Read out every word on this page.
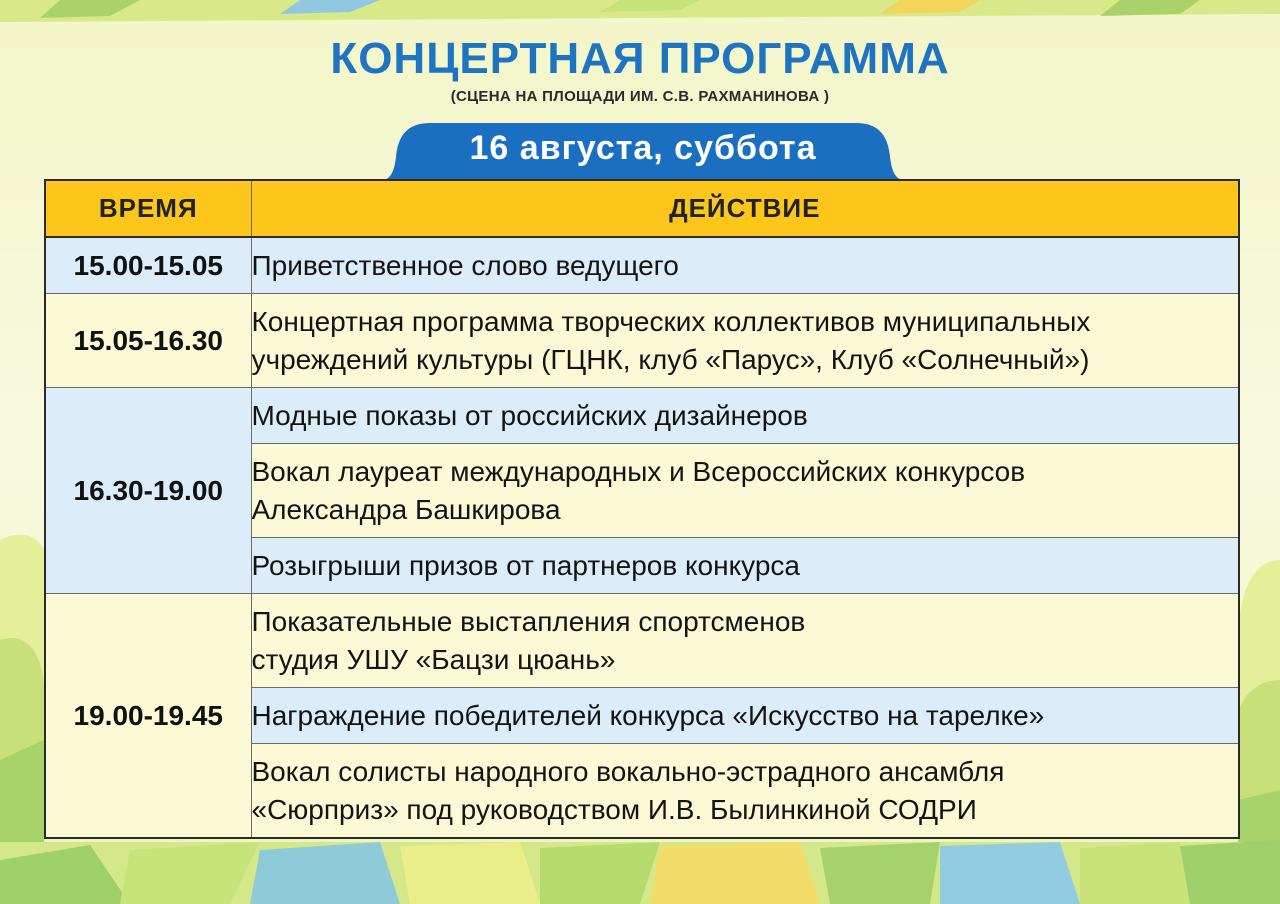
КОНЦЕРТНАЯ ПРОГРАММА

(СЦЕНА НА ПЛОЩАДИ ИМ. С.В. РАХМАНИНОВА )

16 августа, суббота
ВРЕМЯ	ДЕЙСТВИЕ
15.00-15.05	Приветственное слово ведущего
15.05-16.30	Концертная программа творческих коллективов муниципальных
учреждений культуры (ГЦНК, клуб «Парус», Клуб «Солнечный»)
16.30-19.00	Модные показы от российских дизайнеров
	Вокал лауреат международных и Всероссийских конкурсов
Александра Башкирова
	Розыгрыши призов от партнеров конкурса
19.00-19.45	Показательные выстапления спортсменов
студия УШУ «Бацзи цюань»
	Награждение победителей конкурса «Искусство на тарелке»
	Вокал солисты народного вокально-эстрадного ансамбля
«Сюрприз» под руководством И.В. Былинкиной СОДРИ
